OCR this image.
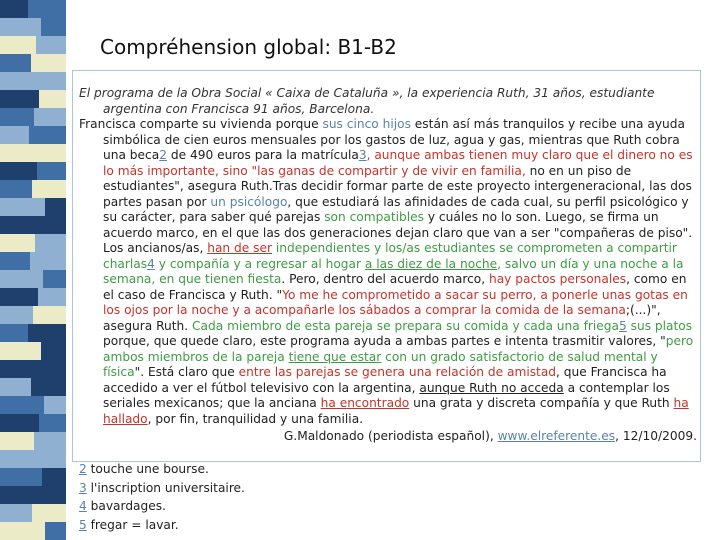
Compréhension global: B1-B2

El programa de la Obra Social « Caixa de Cataluña », la experiencia Ruth, 31 años, estudiante argentina con Francisca 91 años, Barcelona.

Francisca comparte su vivienda porque sus cinco hijos están así más tranquilos y recibe una ayuda simbólica de cien euros mensuales por los gastos de luz, agua y gas, mientras que Ruth cobra una beca2 de 490 euros para la matrícula3, aunque ambas tienen muy claro que el dinero no es lo más importante, sino "las ganas de compartir y de vivir en familia, no en un piso de estudiantes", asegura Ruth.Tras decidir formar parte de este proyecto intergeneracional, las dos partes pasan por un psicólogo, que estudiará las afinidades de cada cual, su perfil psicológico y su carácter, para saber qué parejas son compatibles y cuáles no lo son. Luego, se firma un acuerdo marco, en el que las dos generaciones dejan claro que van a ser "compañeras de piso". Los ancianos/as, han de ser independientes y los/as estudiantes se comprometen a compartir charlas4 y compañía y a regresar al hogar a las diez de la noche, salvo un día y una noche a la semana, en que tienen fiesta. Pero, dentro del acuerdo marco, hay pactos personales, como en el caso de Francisca y Ruth. "Yo me he comprometido a sacar su perro, a ponerle unas gotas en los ojos por la noche y a acompañarle los sábados a comprar la comida de la semana;(...)", asegura Ruth. Cada miembro de esta pareja se prepara su comida y cada una friega5 sus platos porque, que quede claro, este programa ayuda a ambas partes e intenta trasmitir valores, "pero ambos miembros de la pareja tiene que estar con un grado satisfactorio de salud mental y física". Está claro que entre las parejas se genera una relación de amistad, que Francisca ha accedido a ver el fútbol televisivo con la argentina, aunque Ruth no acceda a contemplar los seriales mexicanos; que la anciana ha encontrado una grata y discreta compañía y que Ruth ha hallado, por fin, tranquilidad y una familia.

G.Maldonado (periodista español), www.elreferente.es, 12/10/2009.

2 touche une bourse.
3 l'inscription universitaire.
4 bavardages.
5 fregar = lavar.
